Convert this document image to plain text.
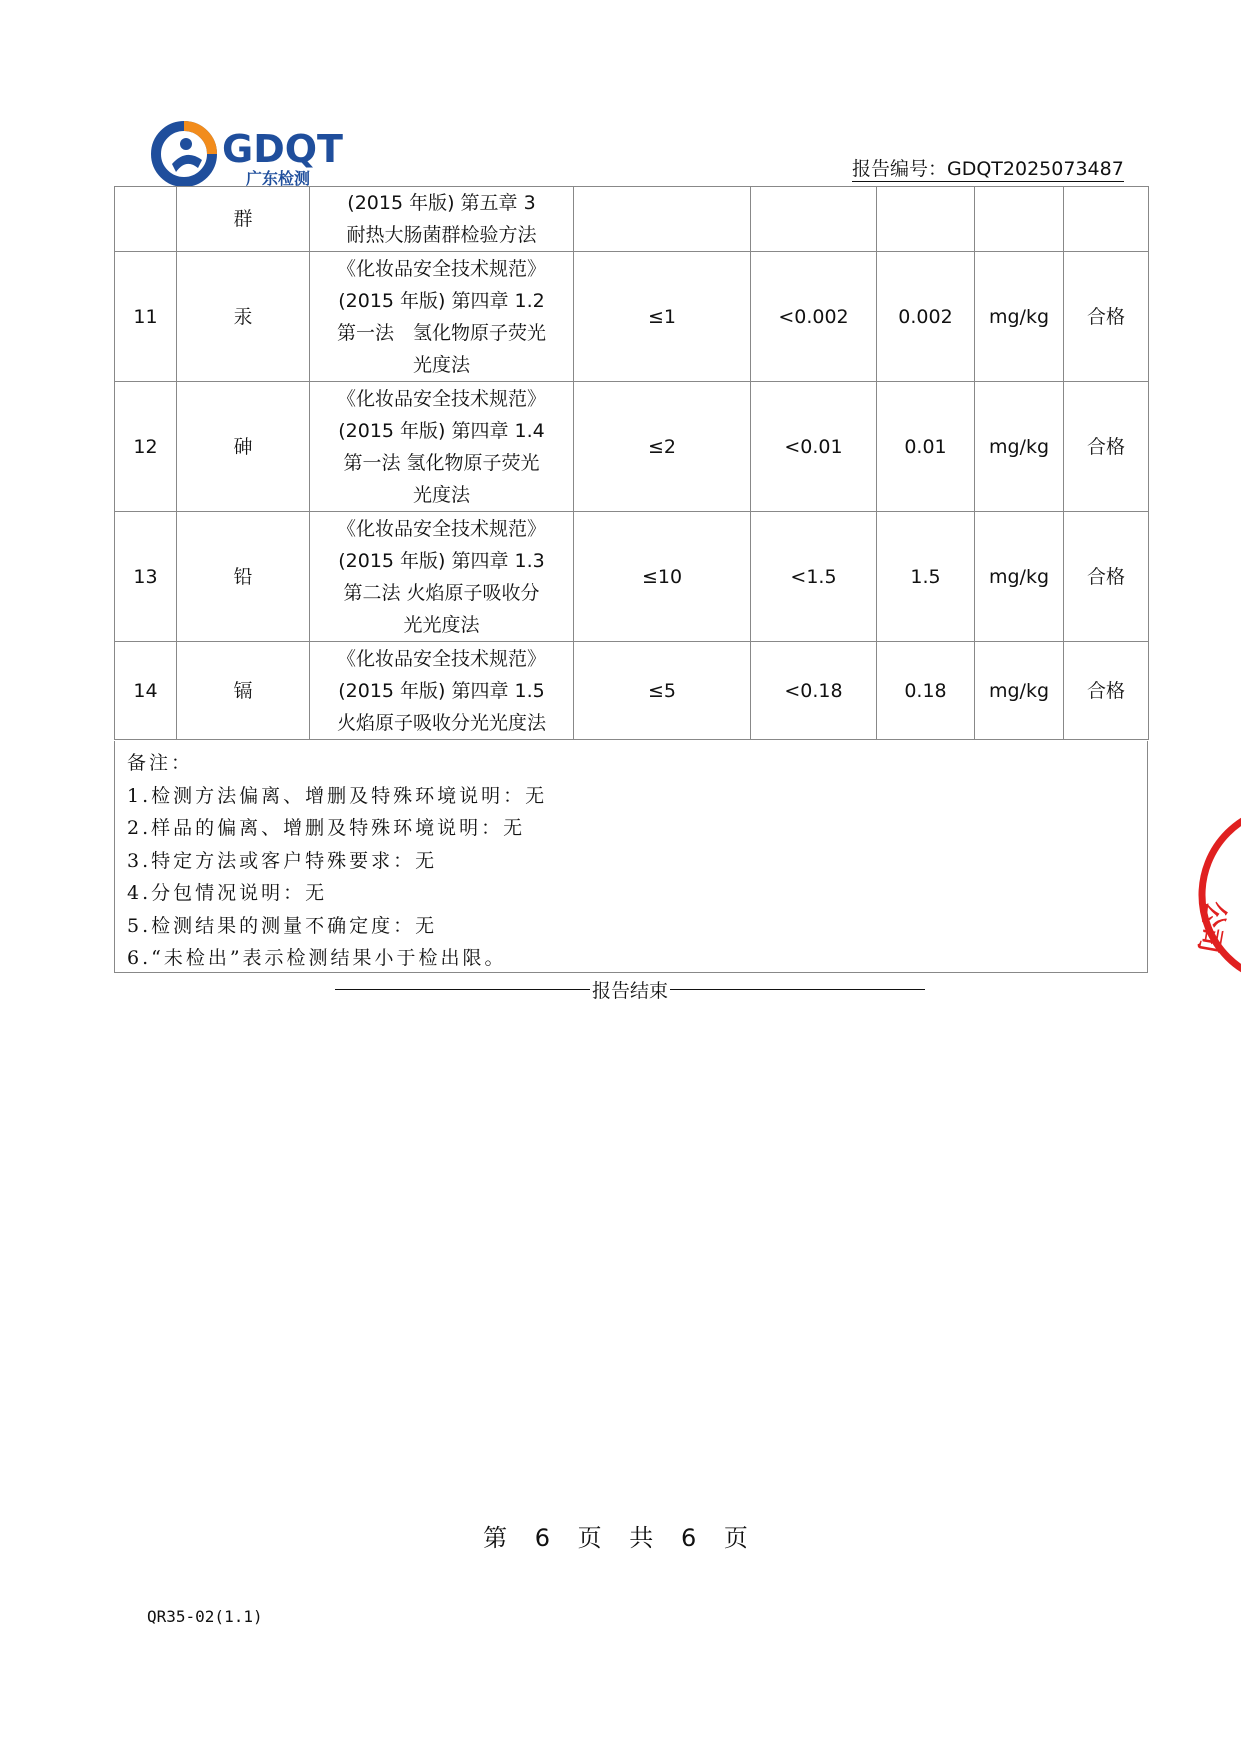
GDQT
广东检测	报告编号：GDQT2025073487
	群	(2015 年版) 第五章 3
耐热大肠菌群检验方法					

11	汞	《化妆品安全技术规范》
(2015 年版) 第四章 1.2
第一法　氢化物原子荧光
光度法	≤1	<0.002	0.002	mg/kg	合格
12	砷	《化妆品安全技术规范》
(2015 年版) 第四章 1.4
第一法 氢化物原子荧光
光度法	≤2	<0.01	0.01	mg/kg	合格
13	铅	《化妆品安全技术规范》
(2015 年版) 第四章 1.3
第二法 火焰原子吸收分
光光度法	≤10	<1.5	1.5	mg/kg	合格
14	镉	《化妆品安全技术规范》
(2015 年版) 第四章 1.5
火焰原子吸收分光光度法	≤5	<0.18	0.18	mg/kg	合格
备注：
1.检测方法偏离、增删及特殊环境说明：无
2.样品的偏离、增删及特殊环境说明：无
3.特定方法或客户特殊要求：无
4.分包情况说明：无
5.检测结果的测量不确定度：无
6.“未检出”表示检测结果小于检出限。
报告结束
第 6 页 共 6 页
QR35-02(1.1)
公司
